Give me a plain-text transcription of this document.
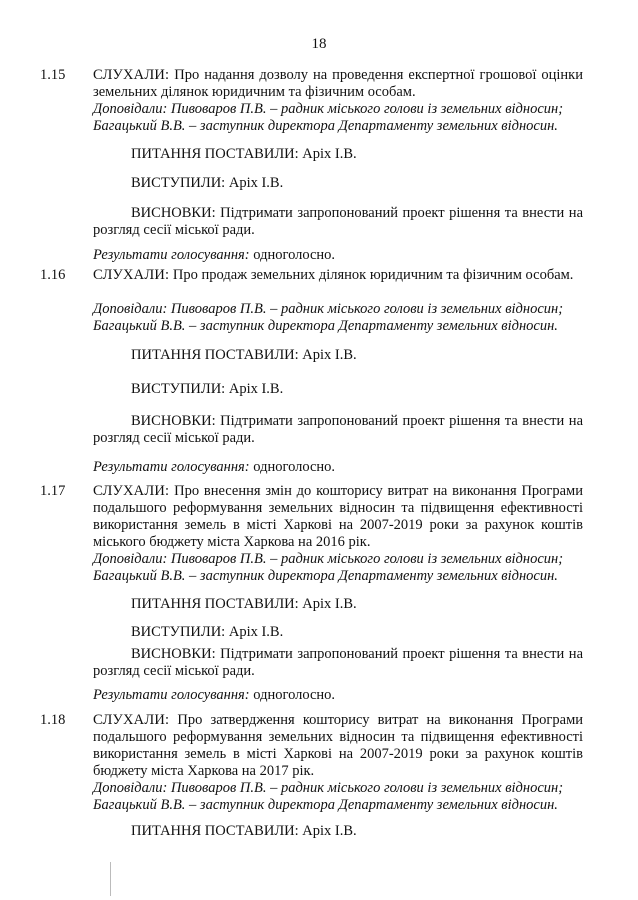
18
1.15 СЛУХАЛИ: Про надання дозволу на проведення експертної грошової оцінки земельних ділянок юридичним та фізичним особам.
Доповідали: Пивоваров П.В. – радник міського голови із земельних відносин; Багацький В.В. – заступник директора Департаменту земельних відносин.
ПИТАННЯ ПОСТАВИЛИ: Аріх І.В.
ВИСТУПИЛИ: Аріх І.В.
ВИСНОВКИ: Підтримати запропонований проект рішення та внести на розгляд сесії міської ради.
Результати голосування: одноголосно.
1.16 СЛУХАЛИ: Про продаж земельних ділянок юридичним та фізичним особам.
Доповідали: Пивоваров П.В. – радник міського голови із земельних відносин; Багацький В.В. – заступник директора Департаменту земельних відносин.
ПИТАННЯ ПОСТАВИЛИ: Аріх І.В.
ВИСТУПИЛИ: Аріх І.В.
ВИСНОВКИ: Підтримати запропонований проект рішення та внести на розгляд сесії міської ради.
Результати голосування: одноголосно.
1.17 СЛУХАЛИ: Про внесення змін до кошторису витрат на виконання Програми подальшого реформування земельних відносин та підвищення ефективності використання земель в місті Харкові на 2007-2019 роки за рахунок коштів міського бюджету міста Харкова на 2016 рік.
Доповідали: Пивоваров П.В. – радник міського голови із земельних відносин; Багацький В.В. – заступник директора Департаменту земельних відносин.
ПИТАННЯ ПОСТАВИЛИ: Аріх І.В.
ВИСТУПИЛИ: Аріх І.В.
ВИСНОВКИ: Підтримати запропонований проект рішення та внести на розгляд сесії міської ради.
Результати голосування: одноголосно.
1.18 СЛУХАЛИ: Про затвердження кошторису витрат на виконання Програми подальшого реформування земельних відносин та підвищення ефективності використання земель в місті Харкові на 2007-2019 роки за рахунок коштів бюджету міста Харкова на 2017 рік.
Доповідали: Пивоваров П.В. – радник міського голови із земельних відносин; Багацький В.В. – заступник директора Департаменту земельних відносин.
ПИТАННЯ ПОСТАВИЛИ: Аріх І.В.
